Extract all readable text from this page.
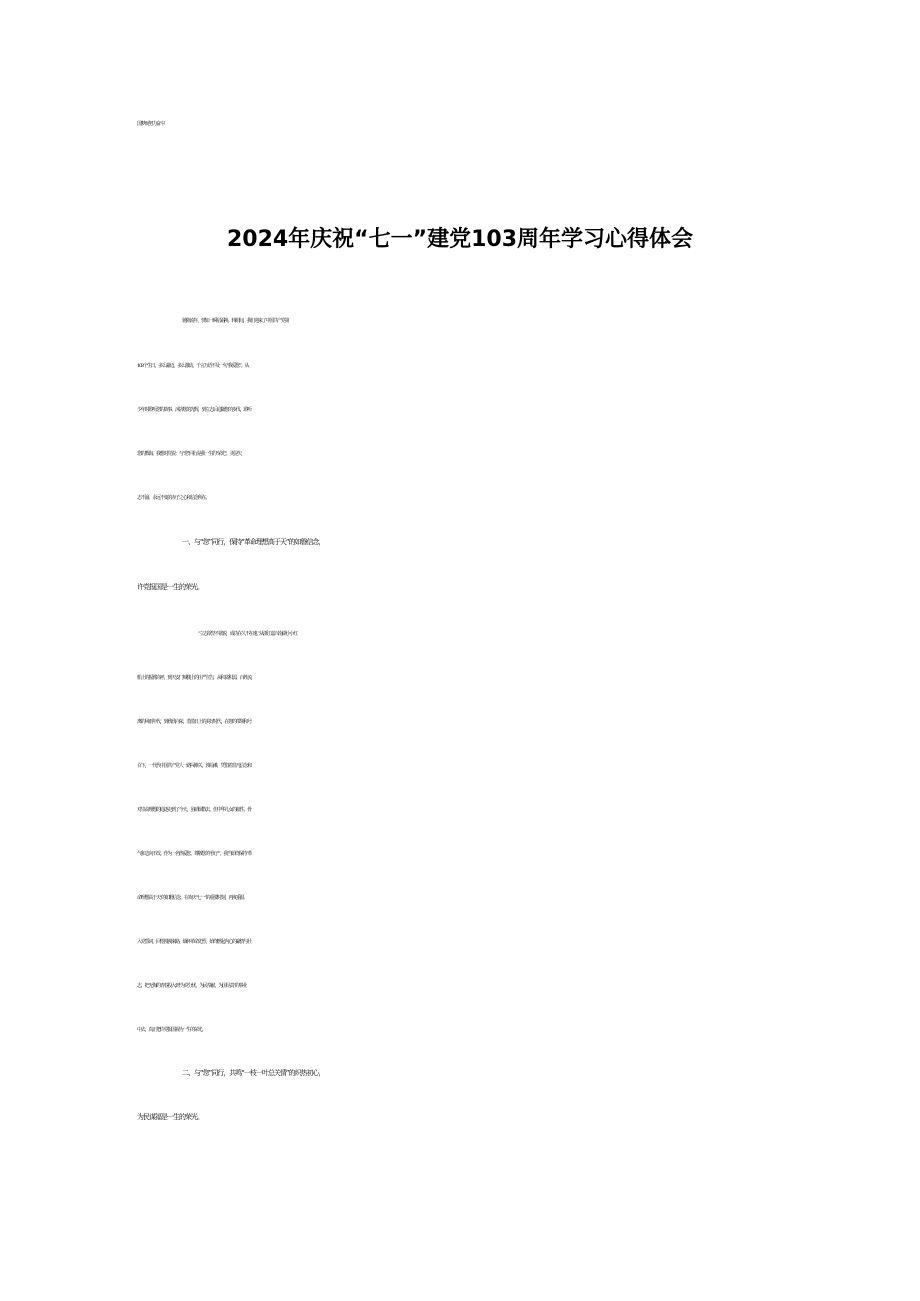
国梦而努力奋斗！

2024年庆祝“七一”建党103周年学习心得体会

驰隙流年，恍如一瞬星霜换。转眼间，我们迎来了中国共产党第

103个生日，多么豪迈、多么激动，千言万语不及一句“我爱您”。从

少年时聆听您的故事、沐浴您的光辉，到立志后追随您的步伐、聆听

您的教诲，我想对党说：与“您”同行是我一生的“荣光”，更是矢

志不渝、永远不变的赤子之心和信念所在。

一、与“您”同行，保持“革命理想高于天”的如磐信念，

许党报国是一生的荣光。

“立志欲坚不欲锐，成功在久不在速。”从浙江嘉兴南湖小小红

船上的振臂高呼，到天安门城楼上的庄严宣告，从积贫积弱、百姓流

离的风雨年代，到欣欣向荣、蒸蒸日上的美好时代，在您的带领和号

召下，一代代中国共产党人一路闯难关、涉险滩，凭借着非凡信念和

对崇高理想的追逐走到了今天，虽硝烟散去，但中华儿女的血性、骨

气和志向不改。作为一名热爱您、尊敬您的“孩子”，我当始终保持“革

命理想高于天”的如磐信念，在欢庆“七一”的重要时刻，再度重温

入党誓词、回望漫漫来路、缅怀革命先烈，始终燃起内心的豪情与壮

志，把无悔的青春投入到“为党分忧、为民奉献、为国尽责”的事业

中去，真正把许党报国视为一生的荣光。

二、与“您”同行，共鸣“一枝一叶总关情”的炽热初心，

为民谋福是一生的荣光。
